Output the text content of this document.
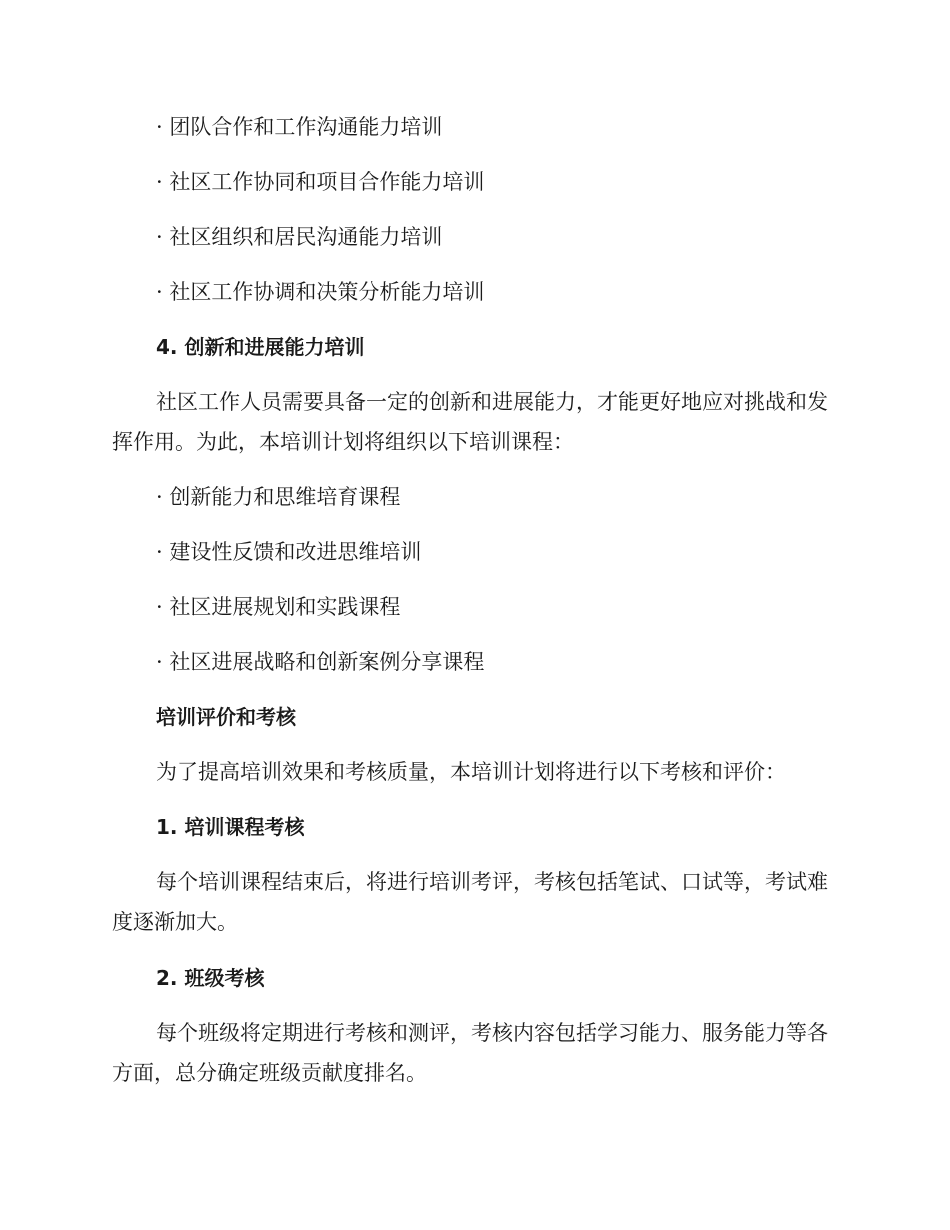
· 团队合作和工作沟通能力培训
· 社区工作协同和项目合作能力培训
· 社区组织和居民沟通能力培训
· 社区工作协调和决策分析能力培训
4. 创新和进展能力培训
社区工作人员需要具备一定的创新和进展能力，才能更好地应对挑战和发挥作用。为此，本培训计划将组织以下培训课程：
· 创新能力和思维培育课程
· 建设性反馈和改进思维培训
· 社区进展规划和实践课程
· 社区进展战略和创新案例分享课程
培训评价和考核
为了提高培训效果和考核质量，本培训计划将进行以下考核和评价：
1. 培训课程考核
每个培训课程结束后，将进行培训考评，考核包括笔试、口试等，考试难度逐渐加大。
2. 班级考核
每个班级将定期进行考核和测评，考核内容包括学习能力、服务能力等各方面，总分确定班级贡献度排名。
